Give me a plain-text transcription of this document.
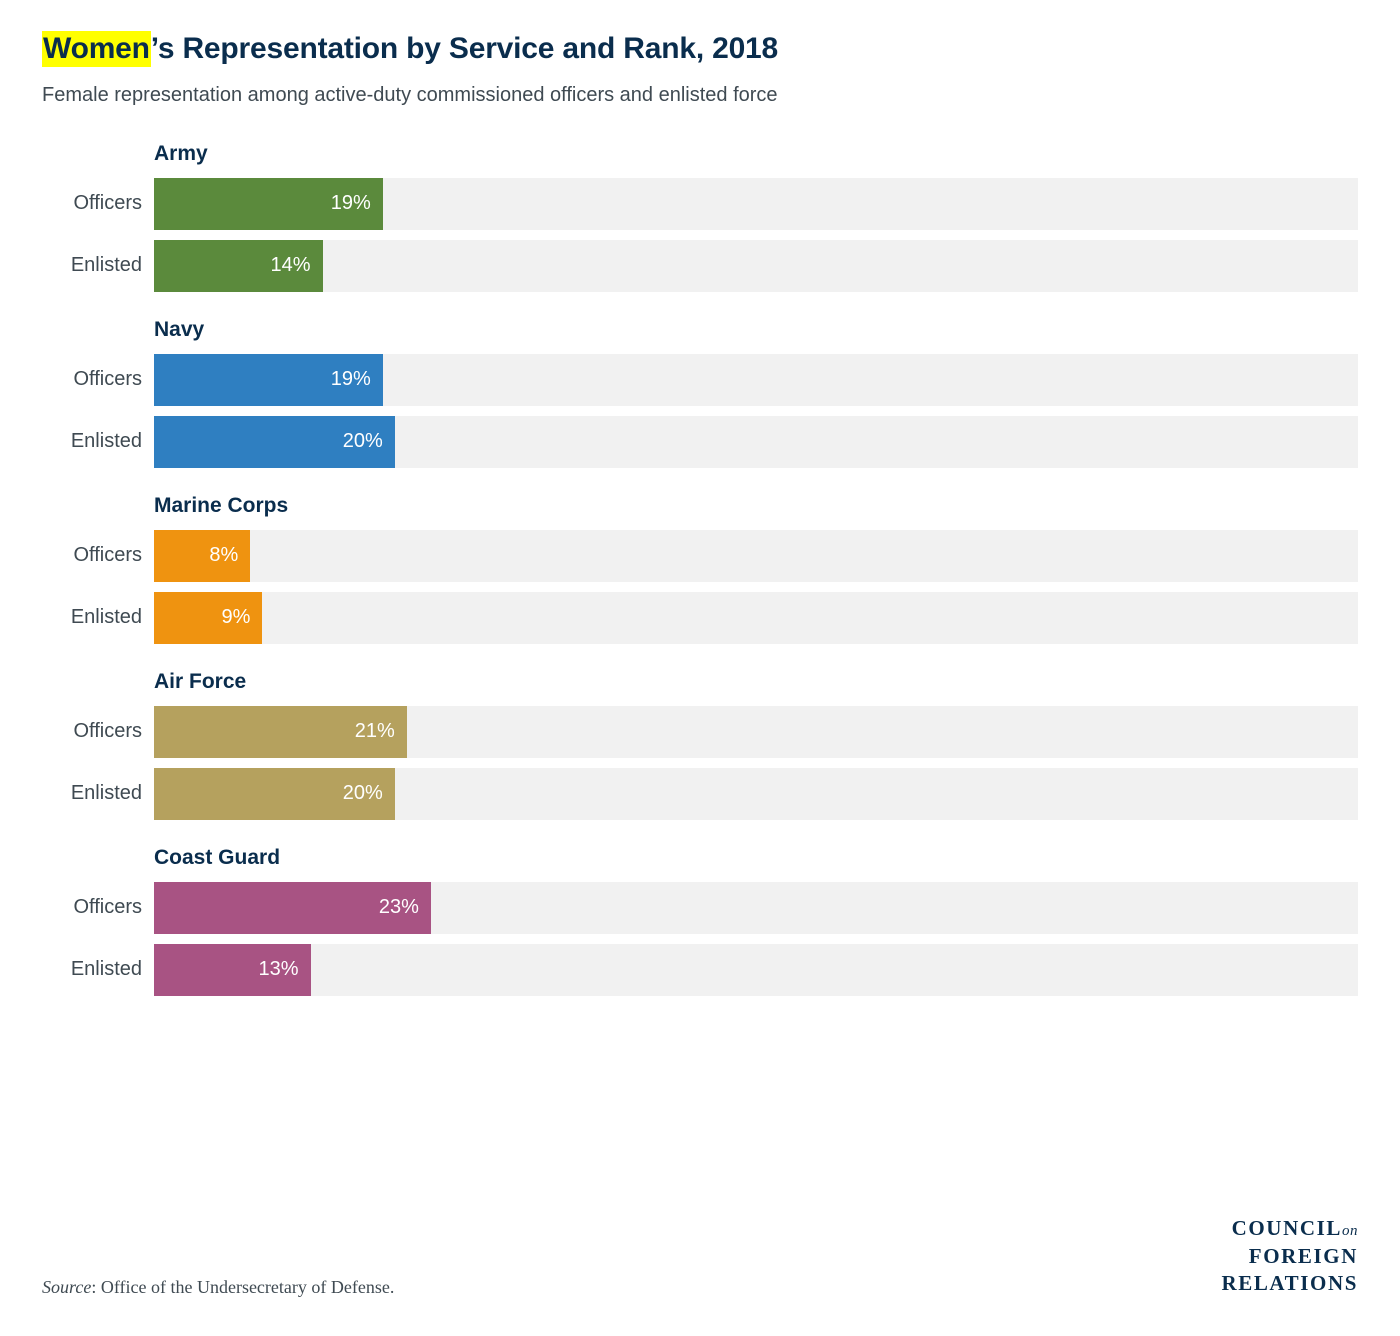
Women’s Representation by Service and Rank, 2018

Female representation among active-duty commissioned officers and enlisted force

Army
Officers	19%
Enlisted	14%
Navy
Officers	19%
Enlisted	20%
Marine Corps
Officers	8%
Enlisted	9%
Air Force
Officers	21%
Enlisted	20%
Coast Guard
Officers	23%
Enlisted	13%
Source: Office of the Undersecretary of Defense.
COUNCILon
FOREIGN
RELATIONS
